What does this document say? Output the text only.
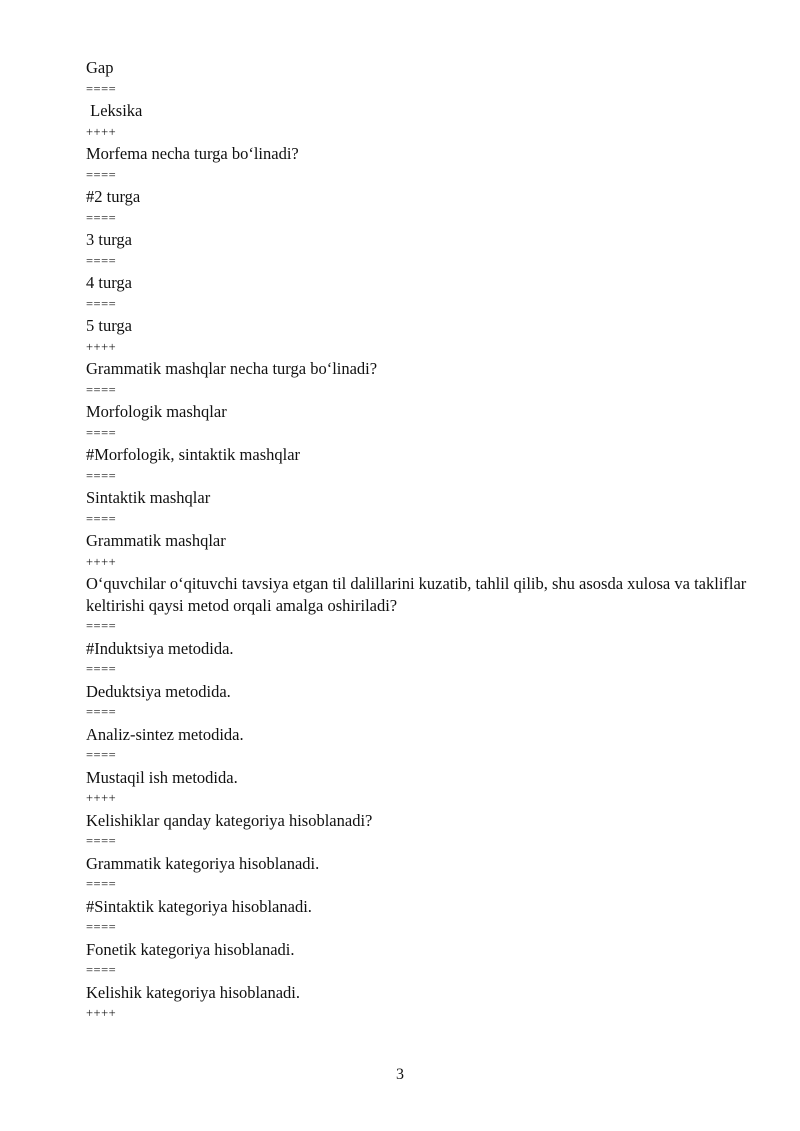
Gap

====

Leksika

++++

Morfema necha turga bo‘linadi?

====

#2 turga

====

3 turga

====

4 turga

====

5 turga

++++

Grammatik mashqlar necha turga bo‘linadi?

====

Morfologik mashqlar

====

#Morfologik, sintaktik mashqlar

====

Sintaktik mashqlar

====

Grammatik mashqlar

++++

O‘quvchilar o‘qituvchi tavsiya etgan til dalillarini kuzatib, tahlil qilib, shu asosda xulosa va takliflar keltirishi qaysi metod orqali amalga oshiriladi?

====

#Induktsiya metodida.

====

Deduktsiya metodida.

====

Analiz-sintez metodida.

====

Mustaqil ish metodida.

++++

Kelishiklar qanday kategoriya hisoblanadi?

====

Grammatik kategoriya hisoblanadi.

====

#Sintaktik kategoriya hisoblanadi.

====

Fonetik kategoriya hisoblanadi.

====

Kelishik kategoriya hisoblanadi.

++++

3
